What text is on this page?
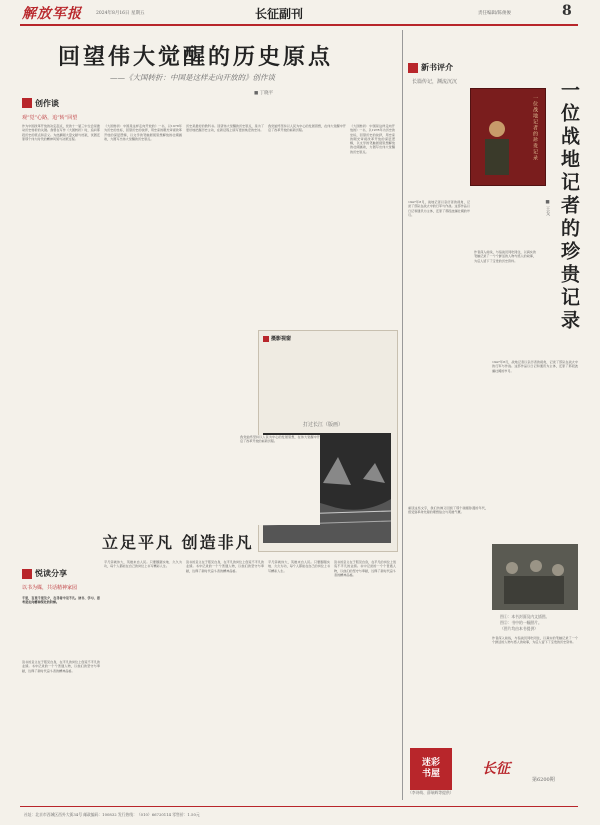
解放军报	2024年8月16日 星期五	长征副刊	责任编辑/陈俊俊	8
回望伟大觉醒的历史原点
——《大国转折：中国是这样走向开放的》创作谈
■ 丁晓平
创作谈
观“觉”心路，追“转”回望
作为中国改革开放的决定起点，党的十一届三中全会是推动历史转折的关键。我曾在写作《大国转折》时，追问那段历史的原点和意义。为此翻阅大量文献与档案，试图还原那个伟大时代的精神风貌与决策过程。
《大国转折：中国是这样走向开放的》一书，以1978年为历史的坐标，回望历史的抉择，用史家的眼光审视改革开放的深层逻辑，以文学的笔触展现思想解放的壮阔画卷，力图写出伟大觉醒的历史原点。
历史是最好的教科书。回望伟大觉醒的历史原点，是为了更好地把握历史主动，在新征程上续写更加恢宏的史诗。
我党始终坚持以人民为中心的发展思想，在伟大觉醒中开启了改革开放的崭新历程。
《大国转折：中国是这样走向开放的》一书，以1978年为历史的坐标，回望历史的抉择，用史家的眼光审视改革开放的深层逻辑，以文学的笔触展现思想解放的壮阔画卷，力图写出伟大觉醒的历史原点。
摄影视窗
打过长江（版画）
我党始终坚持以人民为中心的发展思想，在伟大觉醒中开启了改革开放的崭新历程。
悦读分享
以书为媒，共话精神家园
千里，百里千里及夕，在寻常中见不凡。读书、学习、思考是走向精神深处的阶梯。
立足平凡 创造非凡
读书的意义在于照见自身，在平凡的岗位上创造不平凡的业绩。书中记录的一个个普通人物，以他们的坚守与奉献，诠释了新时代奋斗者的精神品格。
平凡铸就伟大，英雄来自人民。只要脚踏实地、久久为功，每个人都能在自己的岗位上书写精彩人生。
读书的意义在于照见自身，在平凡的岗位上创造不平凡的业绩。书中记录的一个个普通人物，以他们的坚守与奉献，诠释了新时代奋斗者的精神品格。
平凡铸就伟大，英雄来自人民。只要脚踏实地、久久为功，每个人都能在自己的岗位上书写精彩人生。
读书的意义在于照见自身，在平凡的岗位上创造不平凡的业绩。书中记录的一个个普通人物，以他们的坚守与奉献，诠释了新时代奋斗者的精神品格。
新书评介
长篇传记，渊流沉沉
一位战地记者的珍贵记录 一位战地记者的珍贵记录
■ 王戈
1947年8月，战地记者以亲历者的视角，记录了部队在战火中的行军与作战。这部作品以日记和通讯为主体，还原了那段波澜壮阔的岁月。
作者深入前线，与指战员同吃同住，以真实的笔触记录了一个个鲜活的人物与感人的故事，为后人留下了宝贵的历史资料。
重读这些文字，我们仿佛又回到了那个硝烟弥漫的年代，感受到革命先辈的理想信念与英雄气概。
1947年8月，战地记者以亲历者的视角，记录了部队在战火中的行军与作战。这部作品以日记和通讯为主体，还原了那段波澜壮阔的岁月。
图①：本书封面及内文插图。
图②：书中的一幅照片。
（图片均由本书提供）
作者深入前线，与指战员同吃同住，以真实的笔触记录了一个个鲜活的人物与感人的故事，为后人留下了宝贵的历史资料。
（李诗萌、薛瑞辉等提供）
迷彩
书屋	长征
第6200期
社址：北京市西城区西外大街34号 邮政编码：100832 发行热线：（010）66720114 零售价：1.50元
